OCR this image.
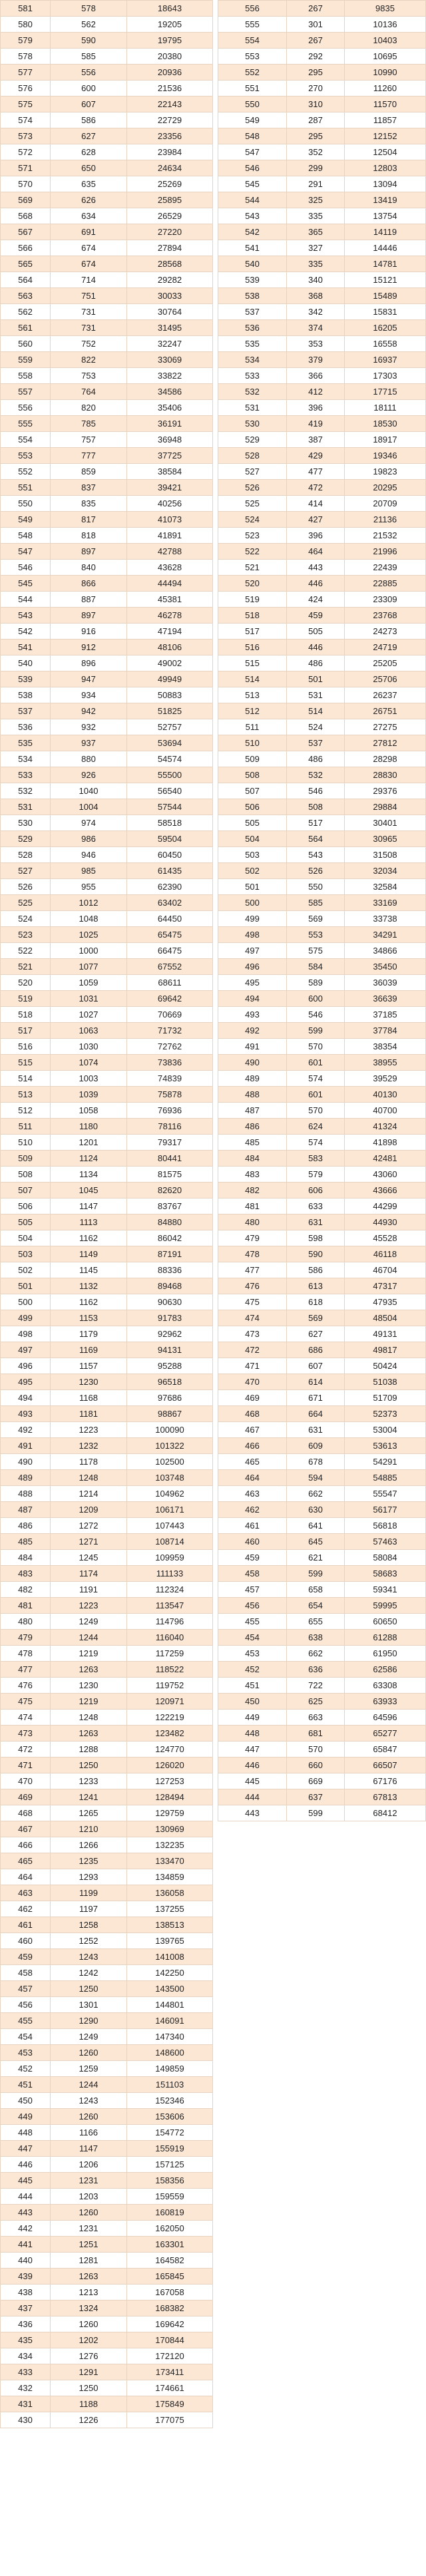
581	578	18643
580	562	19205
579	590	19795
578	585	20380
577	556	20936
576	600	21536
575	607	22143
574	586	22729
573	627	23356
572	628	23984
571	650	24634
570	635	25269
569	626	25895
568	634	26529
567	691	27220
566	674	27894
565	674	28568
564	714	29282
563	751	30033
562	731	30764
561	731	31495
560	752	32247
559	822	33069
558	753	33822
557	764	34586
556	820	35406
555	785	36191
554	757	36948
553	777	37725
552	859	38584
551	837	39421
550	835	40256
549	817	41073
548	818	41891
547	897	42788
546	840	43628
545	866	44494
544	887	45381
543	897	46278
542	916	47194
541	912	48106
540	896	49002
539	947	49949
538	934	50883
537	942	51825
536	932	52757
535	937	53694
534	880	54574
533	926	55500
532	1040	56540
531	1004	57544
530	974	58518
529	986	59504
528	946	60450
527	985	61435
526	955	62390
525	1012	63402
524	1048	64450
523	1025	65475
522	1000	66475
521	1077	67552
520	1059	68611
519	1031	69642
518	1027	70669
517	1063	71732
516	1030	72762
515	1074	73836
514	1003	74839
513	1039	75878
512	1058	76936
511	1180	78116
510	1201	79317
509	1124	80441
508	1134	81575
507	1045	82620
506	1147	83767
505	1113	84880
504	1162	86042
503	1149	87191
502	1145	88336
501	1132	89468
500	1162	90630
499	1153	91783
498	1179	92962
497	1169	94131
496	1157	95288
495	1230	96518
494	1168	97686
493	1181	98867
492	1223	100090
491	1232	101322
490	1178	102500
489	1248	103748
488	1214	104962
487	1209	106171
486	1272	107443
485	1271	108714
484	1245	109959
483	1174	111133
482	1191	112324
481	1223	113547
480	1249	114796
479	1244	116040
478	1219	117259
477	1263	118522
476	1230	119752
475	1219	120971
474	1248	122219
473	1263	123482
472	1288	124770
471	1250	126020
470	1233	127253
469	1241	128494
468	1265	129759
467	1210	130969
466	1266	132235
465	1235	133470
464	1293	134859
463	1199	136058
462	1197	137255
461	1258	138513
460	1252	139765
459	1243	141008
458	1242	142250
457	1250	143500
456	1301	144801
455	1290	146091
454	1249	147340
453	1260	148600
452	1259	149859
451	1244	151103
450	1243	152346
449	1260	153606
448	1166	154772
447	1147	155919
446	1206	157125
445	1231	158356
444	1203	159559
443	1260	160819
442	1231	162050
441	1251	163301
440	1281	164582
439	1263	165845
438	1213	167058
437	1324	168382
436	1260	169642
435	1202	170844
434	1276	172120
433	1291	173411
432	1250	174661
431	1188	175849
430	1226	177075
556	267	9835
555	301	10136
554	267	10403
553	292	10695
552	295	10990
551	270	11260
550	310	11570
549	287	11857
548	295	12152
547	352	12504
546	299	12803
545	291	13094
544	325	13419
543	335	13754
542	365	14119
541	327	14446
540	335	14781
539	340	15121
538	368	15489
537	342	15831
536	374	16205
535	353	16558
534	379	16937
533	366	17303
532	412	17715
531	396	18111
530	419	18530
529	387	18917
528	429	19346
527	477	19823
526	472	20295
525	414	20709
524	427	21136
523	396	21532
522	464	21996
521	443	22439
520	446	22885
519	424	23309
518	459	23768
517	505	24273
516	446	24719
515	486	25205
514	501	25706
513	531	26237
512	514	26751
511	524	27275
510	537	27812
509	486	28298
508	532	28830
507	546	29376
506	508	29884
505	517	30401
504	564	30965
503	543	31508
502	526	32034
501	550	32584
500	585	33169
499	569	33738
498	553	34291
497	575	34866
496	584	35450
495	589	36039
494	600	36639
493	546	37185
492	599	37784
491	570	38354
490	601	38955
489	574	39529
488	601	40130
487	570	40700
486	624	41324
485	574	41898
484	583	42481
483	579	43060
482	606	43666
481	633	44299
480	631	44930
479	598	45528
478	590	46118
477	586	46704
476	613	47317
475	618	47935
474	569	48504
473	627	49131
472	686	49817
471	607	50424
470	614	51038
469	671	51709
468	664	52373
467	631	53004
466	609	53613
465	678	54291
464	594	54885
463	662	55547
462	630	56177
461	641	56818
460	645	57463
459	621	58084
458	599	58683
457	658	59341
456	654	59995
455	655	60650
454	638	61288
453	662	61950
452	636	62586
451	722	63308
450	625	63933
449	663	64596
448	681	65277
447	570	65847
446	660	66507
445	669	67176
444	637	67813
443	599	68412
